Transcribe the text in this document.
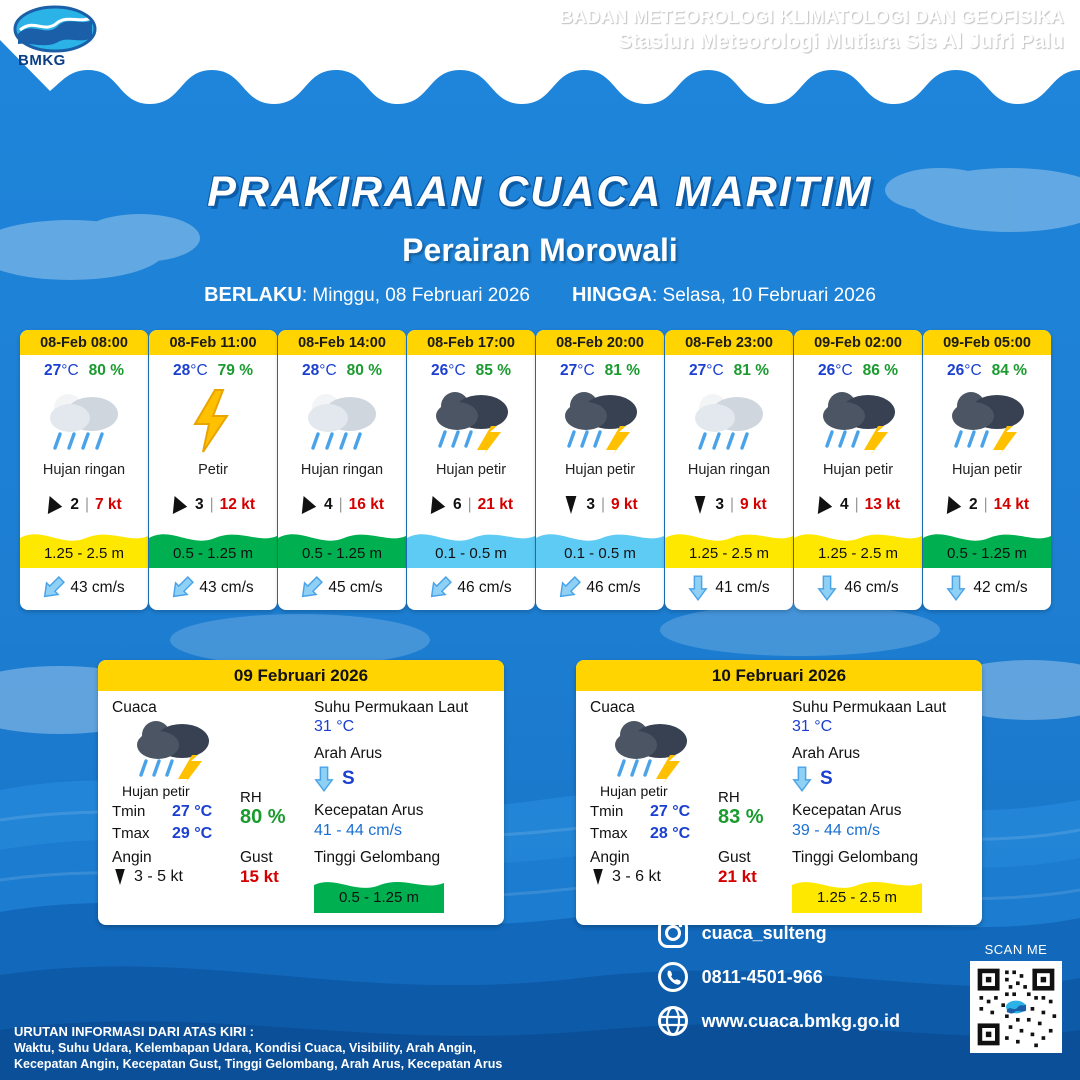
BMKG
BADAN METEOROLOGI KLIMATOLOGI DAN GEOFISIKA
Stasiun Meteorologi Mutiara Sis Al Jufri Palu
PRAKIRAAN CUACA MARITIM
Perairan Morowali
BERLAKU: Minggu, 08 Februari 2026 HINGGA: Selasa, 10 Februari 2026
08-Feb 08:00
27°C 80 %
Hujan ringan
2 | 7 kt
1.25 - 2.5 m
43 cm/s
08-Feb 11:00
28°C 79 %
Petir
3 | 12 kt
0.5 - 1.25 m
43 cm/s
08-Feb 14:00
28°C 80 %
Hujan ringan
4 | 16 kt
0.5 - 1.25 m
45 cm/s
08-Feb 17:00
26°C 85 %
Hujan petir
6 | 21 kt
0.1 - 0.5 m
46 cm/s
08-Feb 20:00
27°C 81 %
Hujan petir
3 | 9 kt
0.1 - 0.5 m
46 cm/s
08-Feb 23:00
27°C 81 %
Hujan ringan
3 | 9 kt
1.25 - 2.5 m
41 cm/s
09-Feb 02:00
26°C 86 %
Hujan petir
4 | 13 kt
1.25 - 2.5 m
46 cm/s
09-Feb 05:00
26°C 84 %
Hujan petir
2 | 14 kt
0.5 - 1.25 m
42 cm/s
09 Februari 2026
Cuaca
Hujan petir
Tmin	27 °C
Tmax	29 °C
RH
80 %
Angin
3 - 5 kt
Gust
15 kt
Suhu Permukaan Laut
31 °C
Arah Arus
S
Kecepatan Arus
41 - 44 cm/s
Tinggi Gelombang
0.5 - 1.25 m
10 Februari 2026
Cuaca
Hujan petir
Tmin	27 °C
Tmax	28 °C
RH
83 %
Angin
3 - 6 kt
Gust
21 kt
Suhu Permukaan Laut
31 °C
Arah Arus
S
Kecepatan Arus
39 - 44 cm/s
Tinggi Gelombang
1.25 - 2.5 m
URUTAN INFORMASI DARI ATAS KIRI :
Waktu, Suhu Udara, Kelembapan Udara, Kondisi Cuaca, Visibility, Arah Angin,
Kecepatan Angin, Kecepatan Gust, Tinggi Gelombang, Arah Arus, Kecepatan Arus
cuaca_sulteng
0811-4501-966
www.cuaca.bmkg.go.id
SCAN ME
